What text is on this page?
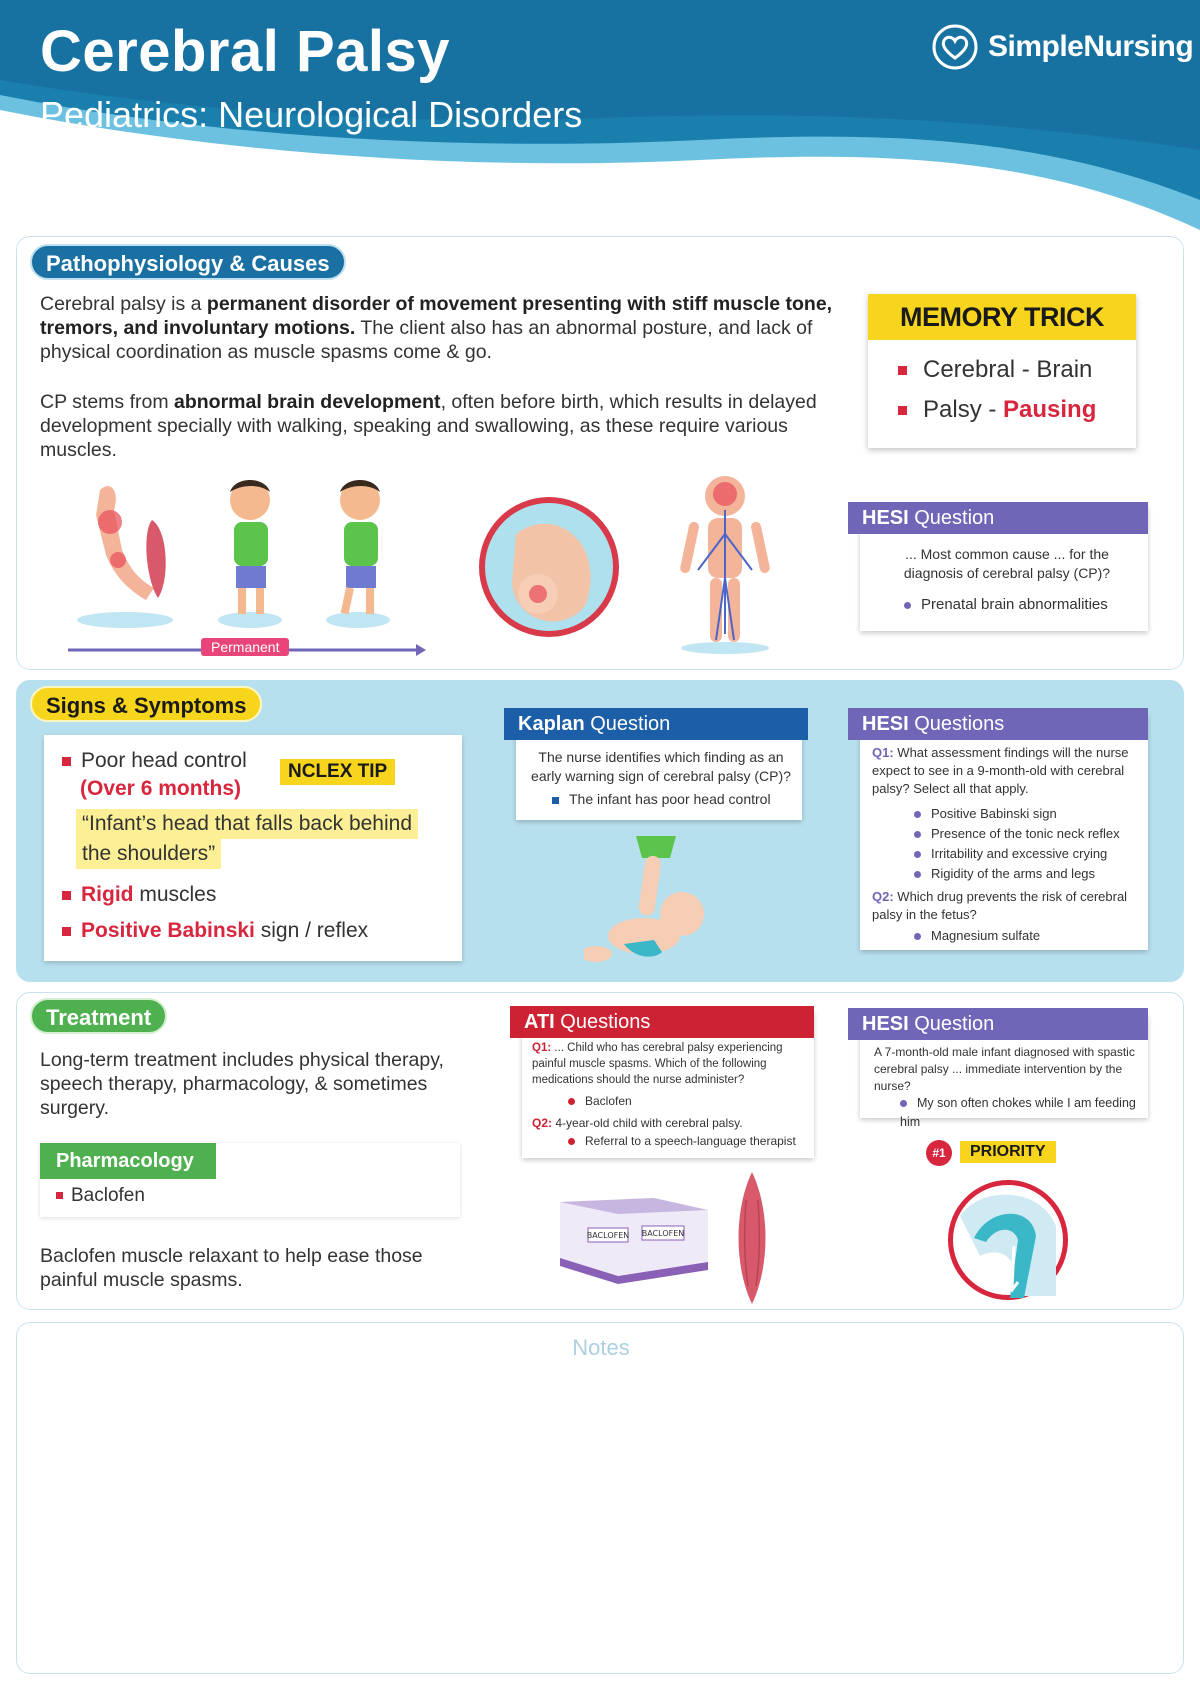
Cerebral Palsy
Pediatrics: Neurological Disorders
SimpleNursing
Pathophysiology & Causes
Cerebral palsy is a permanent disorder of movement presenting with stiff muscle tone, tremors, and involuntary motions. The client also has an abnormal posture, and lack of physical coordination as muscle spasms come & go.
CP stems from abnormal brain development, often before birth, which results in delayed development specially with walking, speaking and swallowing, as these require various muscles.
MEMORY TRICK
Cerebral - Brain
Palsy - Pausing
Permanent
HESI Question
... Most common cause ... for the diagnosis of cerebral palsy (CP)?
Prenatal brain abnormalities
Signs & Symptoms
Poor head control
(Over 6 months)
NCLEX TIP
“Infant’s head that falls back behind
the shoulders”
Rigid muscles
Positive Babinski sign / reflex
Kaplan Question
The nurse identifies which finding as an early warning sign of cerebral palsy (CP)?
The infant has poor head control
HESI Questions
Q1: What assessment findings will the nurse expect to see in a 9-month-old with cerebral palsy? Select all that apply.
Positive Babinski sign
Presence of the tonic neck reflex
Irritability and excessive crying
Rigidity of the arms and legs
Q2: Which drug prevents the risk of cerebral palsy in the fetus?
Magnesium sulfate
Treatment
Long-term treatment includes physical therapy, speech therapy, pharmacology, & sometimes surgery.
Pharmacology
Baclofen
Baclofen muscle relaxant to help ease those painful muscle spasms.
ATI Questions
Q1: ... Child who has cerebral palsy experiencing painful muscle spasms. Which of the following medications should the nurse administer?
Baclofen
Q2: 4-year-old child with cerebral palsy.
Referral to a speech-language therapist
BACLOFEN BACLOFEN
HESI Question
A 7-month-old male infant diagnosed with spastic cerebral palsy ... immediate intervention by the nurse?
My son often chokes while I am feeding him
#1	PRIORITY
Notes
